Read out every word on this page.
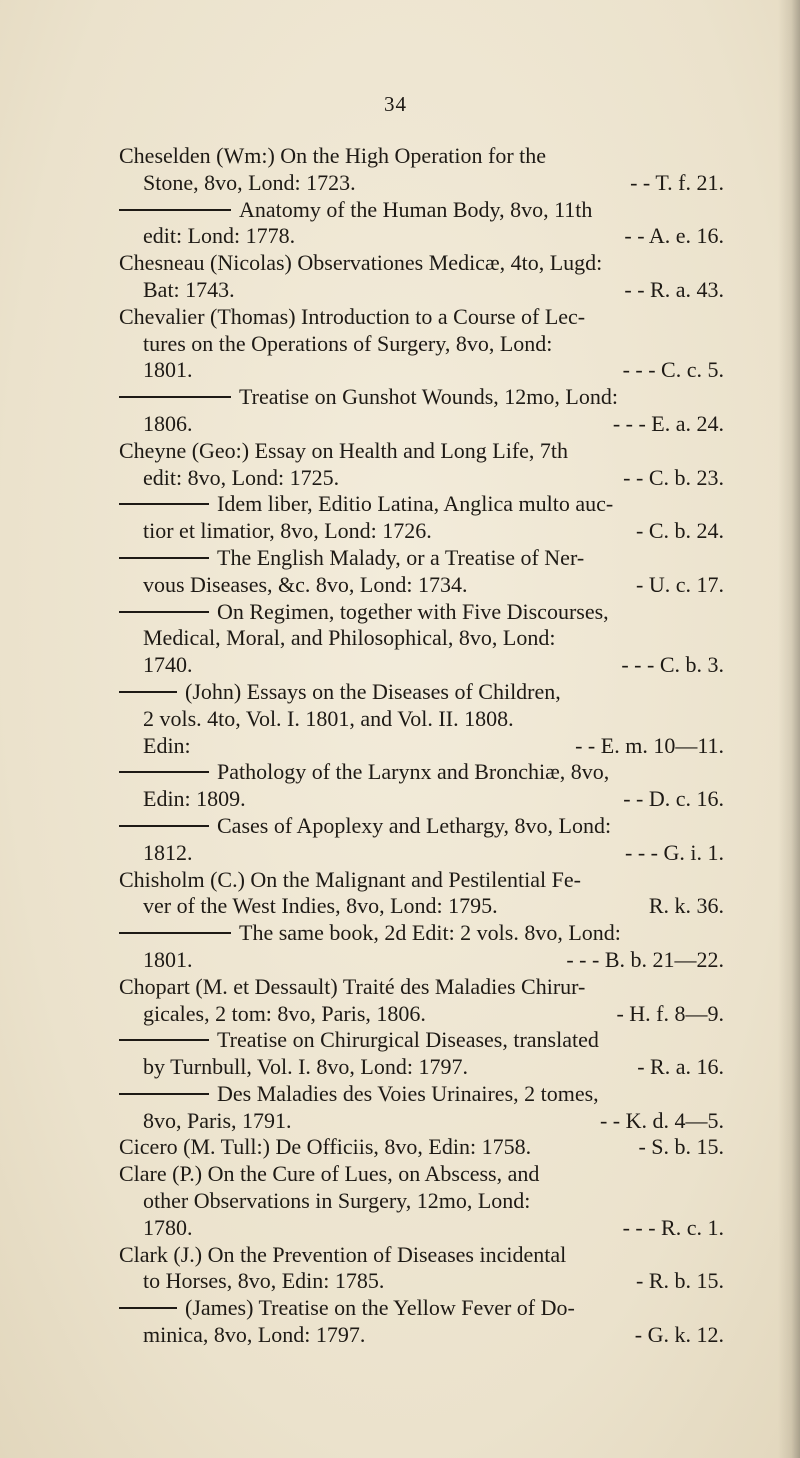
34
Cheselden (Wm:) On the High Operation for the
Stone, 8vo, Lond: 1723.	- - T. f. 21.
Anatomy of the Human Body, 8vo, 11th
edit: Lond: 1778.	- - A. e. 16.
Chesneau (Nicolas) Observationes Medicæ, 4to, Lugd:
Bat: 1743.	- - R. a. 43.
Chevalier (Thomas) Introduction to a Course of Lec-
tures on the Operations of Surgery, 8vo, Lond:
1801.	- - - C. c. 5.
Treatise on Gunshot Wounds, 12mo, Lond:
1806.	- - - E. a. 24.
Cheyne (Geo:) Essay on Health and Long Life, 7th
edit: 8vo, Lond: 1725.	- - C. b. 23.
Idem liber, Editio Latina, Anglica multo auc-
tior et limatior, 8vo, Lond: 1726.	- C. b. 24.
The English Malady, or a Treatise of Ner-
vous Diseases, &c. 8vo, Lond: 1734.	- U. c. 17.
On Regimen, together with Five Discourses,
Medical, Moral, and Philosophical, 8vo, Lond:
1740.	- - - C. b. 3.
(John) Essays on the Diseases of Children,
2 vols. 4to, Vol. I. 1801, and Vol. II. 1808.
Edin:	- - E. m. 10—11.
Pathology of the Larynx and Bronchiæ, 8vo,
Edin: 1809.	- - D. c. 16.
Cases of Apoplexy and Lethargy, 8vo, Lond:
1812.	- - - G. i. 1.
Chisholm (C.) On the Malignant and Pestilential Fe-
ver of the West Indies, 8vo, Lond: 1795.	R. k. 36.
The same book, 2d Edit: 2 vols. 8vo, Lond:
1801.	- - - B. b. 21—22.
Chopart (M. et Dessault) Traité des Maladies Chirur-
gicales, 2 tom: 8vo, Paris, 1806.	- H. f. 8—9.
Treatise on Chirurgical Diseases, translated
by Turnbull, Vol. I. 8vo, Lond: 1797.	- R. a. 16.
Des Maladies des Voies Urinaires, 2 tomes,
8vo, Paris, 1791.	- - K. d. 4—5.
Cicero (M. Tull:) De Officiis, 8vo, Edin: 1758.	- S. b. 15.
Clare (P.) On the Cure of Lues, on Abscess, and
other Observations in Surgery, 12mo, Lond:
1780.	- - - R. c. 1.
Clark (J.) On the Prevention of Diseases incidental
to Horses, 8vo, Edin: 1785.	- R. b. 15.
(James) Treatise on the Yellow Fever of Do-
minica, 8vo, Lond: 1797.	- G. k. 12.
